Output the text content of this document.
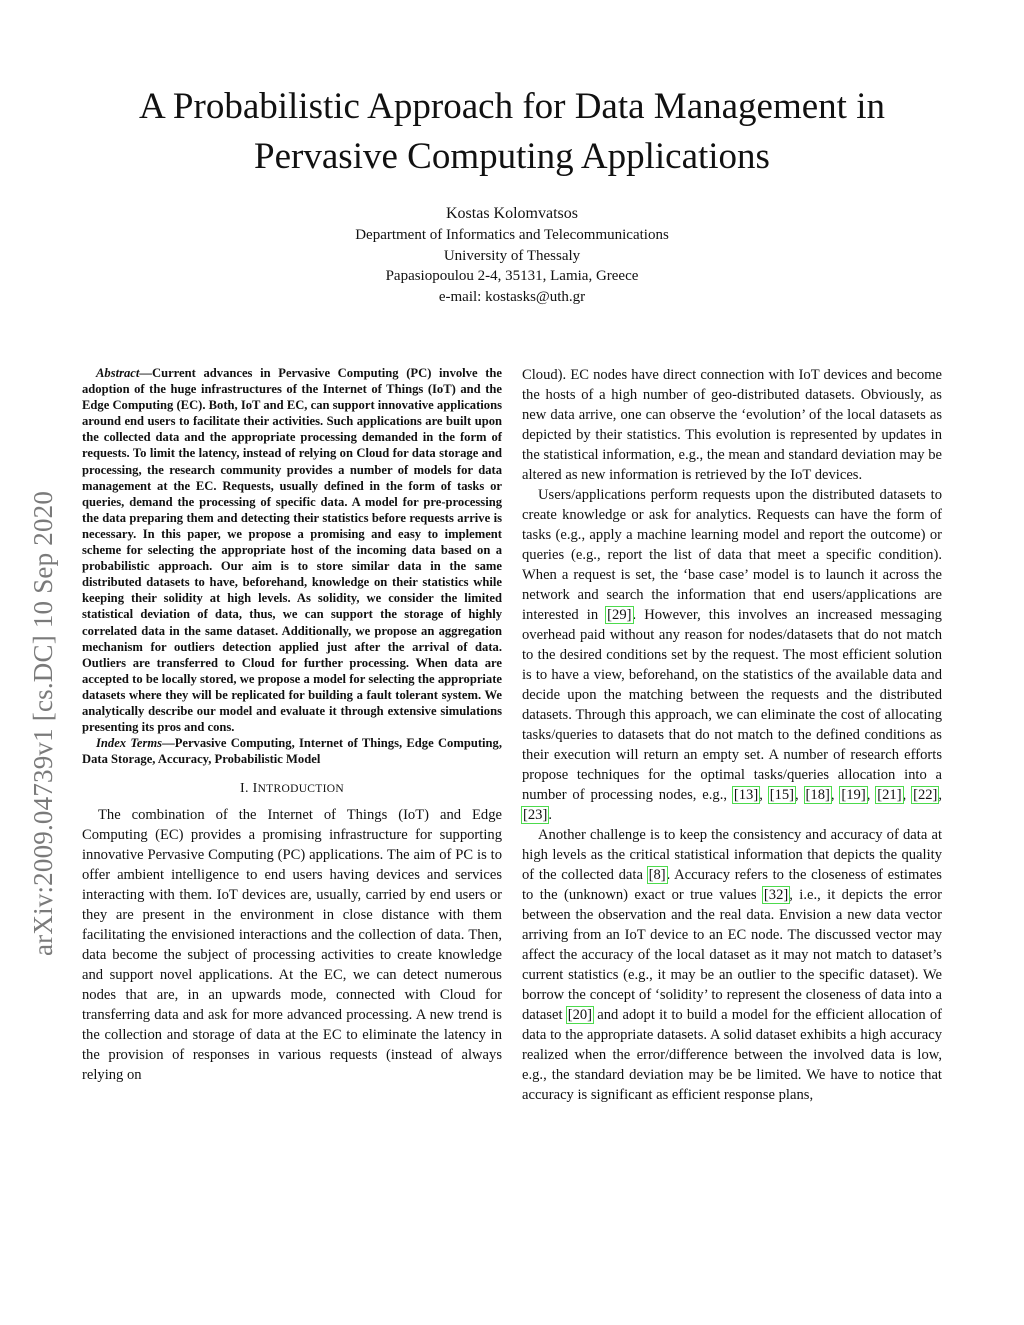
arXiv:2009.04739v1 [cs.DC] 10 Sep 2020
A Probabilistic Approach for Data Management in
Pervasive Computing Applications
Kostas Kolomvatsos
Department of Informatics and Telecommunications
University of Thessaly
Papasiopoulou 2-4, 35131, Lamia, Greece
e-mail: kostasks@uth.gr

Abstract—Current advances in Pervasive Computing (PC) involve the adoption of the huge infrastructures of the Internet of Things (IoT) and the Edge Computing (EC). Both, IoT and EC, can support innovative applications around end users to facilitate their activities. Such applications are built upon the collected data and the appropriate processing demanded in the form of requests. To limit the latency, instead of relying on Cloud for data storage and processing, the research community provides a number of models for data management at the EC. Requests, usually defined in the form of tasks or queries, demand the processing of specific data. A model for pre-processing the data preparing them and detecting their statistics before requests arrive is necessary. In this paper, we propose a promising and easy to implement scheme for selecting the appropriate host of the incoming data based on a probabilistic approach. Our aim is to store similar data in the same distributed datasets to have, beforehand, knowledge on their statistics while keeping their solidity at high levels. As solidity, we consider the limited statistical deviation of data, thus, we can support the storage of highly correlated data in the same dataset. Additionally, we propose an aggregation mechanism for outliers detection applied just after the arrival of data. Outliers are transferred to Cloud for further processing. When data are accepted to be locally stored, we propose a model for selecting the appropriate datasets where they will be replicated for building a fault tolerant system. We analytically describe our model and evaluate it through extensive simulations presenting its pros and cons.

Index Terms—Pervasive Computing, Internet of Things, Edge Computing, Data Storage, Accuracy, Probabilistic Model

I. INTRODUCTION

The combination of the Internet of Things (IoT) and Edge Computing (EC) provides a promising infrastructure for supporting innovative Pervasive Computing (PC) applications. The aim of PC is to offer ambient intelligence to end users having devices and services interacting with them. IoT devices are, usually, carried by end users or they are present in the environment in close distance with them facilitating the envisioned interactions and the collection of data. Then, data become the subject of processing activities to create knowledge and support novel applications. At the EC, we can detect numerous nodes that are, in an upwards mode, connected with Cloud for transferring data and ask for more advanced processing. A new trend is the collection and storage of data at the EC to eliminate the latency in the provision of responses in various requests (instead of always relying on

Cloud). EC nodes have direct connection with IoT devices and become the hosts of a high number of geo-distributed datasets. Obviously, as new data arrive, one can observe the ‘evolution’ of the local datasets as depicted by their statistics. This evolution is represented by updates in the statistical information, e.g., the mean and standard deviation may be altered as new information is retrieved by the IoT devices.

Users/applications perform requests upon the distributed datasets to create knowledge or ask for analytics. Requests can have the form of tasks (e.g., apply a machine learning model and report the outcome) or queries (e.g., report the list of data that meet a specific condition). When a request is set, the ‘base case’ model is to launch it across the network and search the information that end users/applications are interested in [29]. However, this involves an increased messaging overhead paid without any reason for nodes/datasets that do not match to the desired conditions set by the request. The most efficient solution is to have a view, beforehand, on the statistics of the available data and decide upon the matching between the requests and the distributed datasets. Through this approach, we can eliminate the cost of allocating tasks/queries to datasets that do not match to the defined conditions as their execution will return an empty set. A number of research efforts propose techniques for the optimal tasks/queries allocation into a number of processing nodes, e.g., [13], [15], [18], [19], [21], [22], [23].

Another challenge is to keep the consistency and accuracy of data at high levels as the critical statistical information that depicts the quality of the collected data [8]. Accuracy refers to the closeness of estimates to the (unknown) exact or true values [32], i.e., it depicts the error between the observation and the real data. Envision a new data vector arriving from an IoT device to an EC node. The discussed vector may affect the accuracy of the local dataset as it may not match to dataset’s current statistics (e.g., it may be an outlier to the specific dataset). We borrow the concept of ‘solidity’ to represent the closeness of data into a dataset [20] and adopt it to build a model for the efficient allocation of data to the appropriate datasets. A solid dataset exhibits a high accuracy realized when the error/difference between the involved data is low, e.g., the standard deviation may be be limited. We have to notice that accuracy is significant as efficient response plans,
